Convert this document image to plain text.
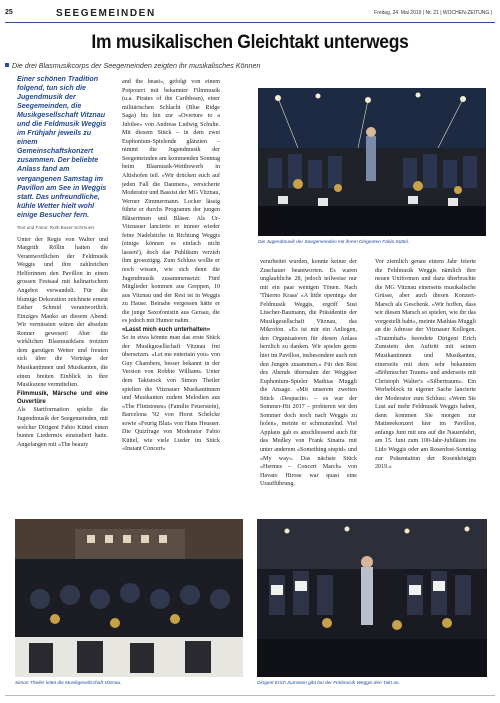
25	SEEGEMEINDEN	Freitag, 24. Mai 2019 | Nr. 21 | WOCHEN-ZEITUNG |
Im musikalischen Gleichtakt unterwegs
Die drei Blasmusikcorps der Seegemeinden zeigten ihr musikalisches Können

Einer schönen Tradition folgend, tun sich die Jugendmusik der Seegemeinden, die Musikgesellschaft Vitznau und die Feldmusik Weggis im Frühjahr jeweils zu einem Gemeinschaftskonzert zusammen. Der beliebte Anlass fand am vergangenen Samstag im Pavillon am See in Weggis statt. Das unfreundliche, kühle Wetter hielt wohl einige Besucher fern.

Text und Fotos: Ruth Buser-Schreurer

Unter der Regie von Walter und Margrith Röllin hatten die Verantwortlichen der Feldmusik Weggis und ihre zahlreichen Helferinnen den Pavillon in einen grossen Festsaal mit kulinarischem Angebot verwandelt. Für die blumige Dekoration zeichnete erneut Esther Schmid verantwortlich. Einziges Manko an diesem Abend: Wir vermissten wären der absolute Renner gewesen! Aber die wirklichen Blasmusikfans trotzten dem garstigen Wetter und freuten sich über die Vorträge der Musikantinnen und Musikanten, die einen breiten Einblick in ihre Musikszene vermittelten.

Filmmusik, Märsche und eine Ouvertüre

Als Startformation spielte die Jugendmusik der Seegemeinden, mit welcher Dirigent Fabio Küttel einen bunten Liedermix einstudiert hatte. Angefangen mit «The beauty

and the beast», gefolgt von einem Potpourri mit bekannter Filmmusik (u.a. Pirates of the Caribbean), einer militärischen Schlacht (Blue Ridge Saga) bis hin zur «Overture to a Jubilee» von Andreas Ludwig Schulte. Mit diesem Stück – in dem zwei Euphonium-Spielende glänzten – nimmt die Jugendmusik der Seegemeinden am kommenden Sonntag beim Blasmusik-Wettbewerb in Altishofen teil. «Wir drücken euch auf jeden Fall die Daumen», versicherte Moderator und Bassist der MG Vitznau, Werner Zimmermann. Locker lässig führte er durchs Programm der jungen Bläserinnen und Bläser. Als Ur-Vitznauer lancierte er immer wieder feine Nadelstiche in Richtung Weggis (einige können es einfach nicht lassen!), doch das Publikum verzieh ihm grosszügig. Zum Schluss wollte er noch wissen, wie sich denn die Jugendmusik zusammensetzt: Fünf Mitglieder kommen aus Greppen, 10 aus Vitznau und der Rest ist in Weggis zu Hause. Beinahe vergessen hätte er die junge Saxofonistin aus Gersau, die es jedoch mit Humor nahm.

«Lasst mich euch unterhalten»

So in etwa könnte man das erste Stück der Musikgesellschaft Vitznau frei übersetzen. «Let me entertain you» von Guy Chambers, besser bekannt in der Version von Robbie Williams. Unter dem Taktstock von Simon Theiler spielten die Vitznauer Musikantinnen und Musikanten zudem Melodien aus «The Flintstones» (Familie Feuerstein), Barcelona '92 von Horst Schelcke sowie «Feurig Blut» von Hans Heusser. Die Quizfrage von Moderator Fabio Küttel, wie viele Lieder im Stück «Instant Concert»

verarbeitet wurden, konnte keiner der Zuschauer beantworten. Es waren unglaubliche 28, jedoch teilweise nur mit ein paar wenigen Tönen. Nach 'Thierno Kraas' «A little opening» der Feldmusik Weggis, ergriff Susi Lüscher-Baumann, die Präsidentin der Musikgesellschaft Vitznau, das Mikrofon. «Es ist mir ein Anliegen, den Organisatoren für diesen Anlass herzlich zu danken. Wir spielen gerne hier im Pavillon, insbesondere auch mit den Jungen zusammen.» Für den Rest des Abends übernahm der Weggiser Euphonium-Spieler Mathias Muggli die Ansage. «Mit unserem zweiten Stück ‹Despacito› – es war der Sommer-Hit 2017 – probieren wir den Sommer doch noch nach Weggis zu holen», meinte er schmunzelnd. Viel Applaus gab es anschliessend auch für das Medley von Frank Sinatra mit unter anderem «Something stupid» und «My way». Das nächste Stück «Hermes – Concert March» von Havato Hirose war quasi eine Uraufführung.

Vor ziemlich genau einem Jahr feierte die Feldmusik Weggis nämlich ihre neuen Uniformen und dazu überbrachte die MG Vitznau einerseits musikalische Grüsse, aber auch diesen Konzert-Marsch als Geschenk. «Wir hoffen, dass wir diesen Marsch so spielen, wie ihr das vorgestellt habt», meinte Mathias Muggli an die Adresse der Vitznauer Kollegen. «Traumhaft» beendete Dirigent Erich Zumstein den Auftritt mit seinen Musikantinnen und Musikanten, einerseits mit dem sehr bekannten «Böhmischer Traum» und anderseits mit Christoph Walter's «Silbertraum». Ein Werbeblock in eigener Sache lancierte der Moderator zum Schluss: «Wenn Sie Lust auf mehr Feldmusik Weggis haben, dann kommen Sie morgen zur Matineekonzert hier im Pavillon, anfangs Juni mit uns auf die Nauenfahrt, am 15. Juni zum 100-Jahr-Jubiläum ins Lido Weggis oder am Rosenfest-Sonntag zur Präsentation der Rosenkönigin 2019.»

Die Jugendmusik der Seegemeinden mit ihrem Dirigenten Fabio Küttel.
Simon Theiler leitet die Musikgesellschaft Vitznau.	Dirigent Erich Zumstein gibt bei der Feldmusik Weggis den Takt an.
